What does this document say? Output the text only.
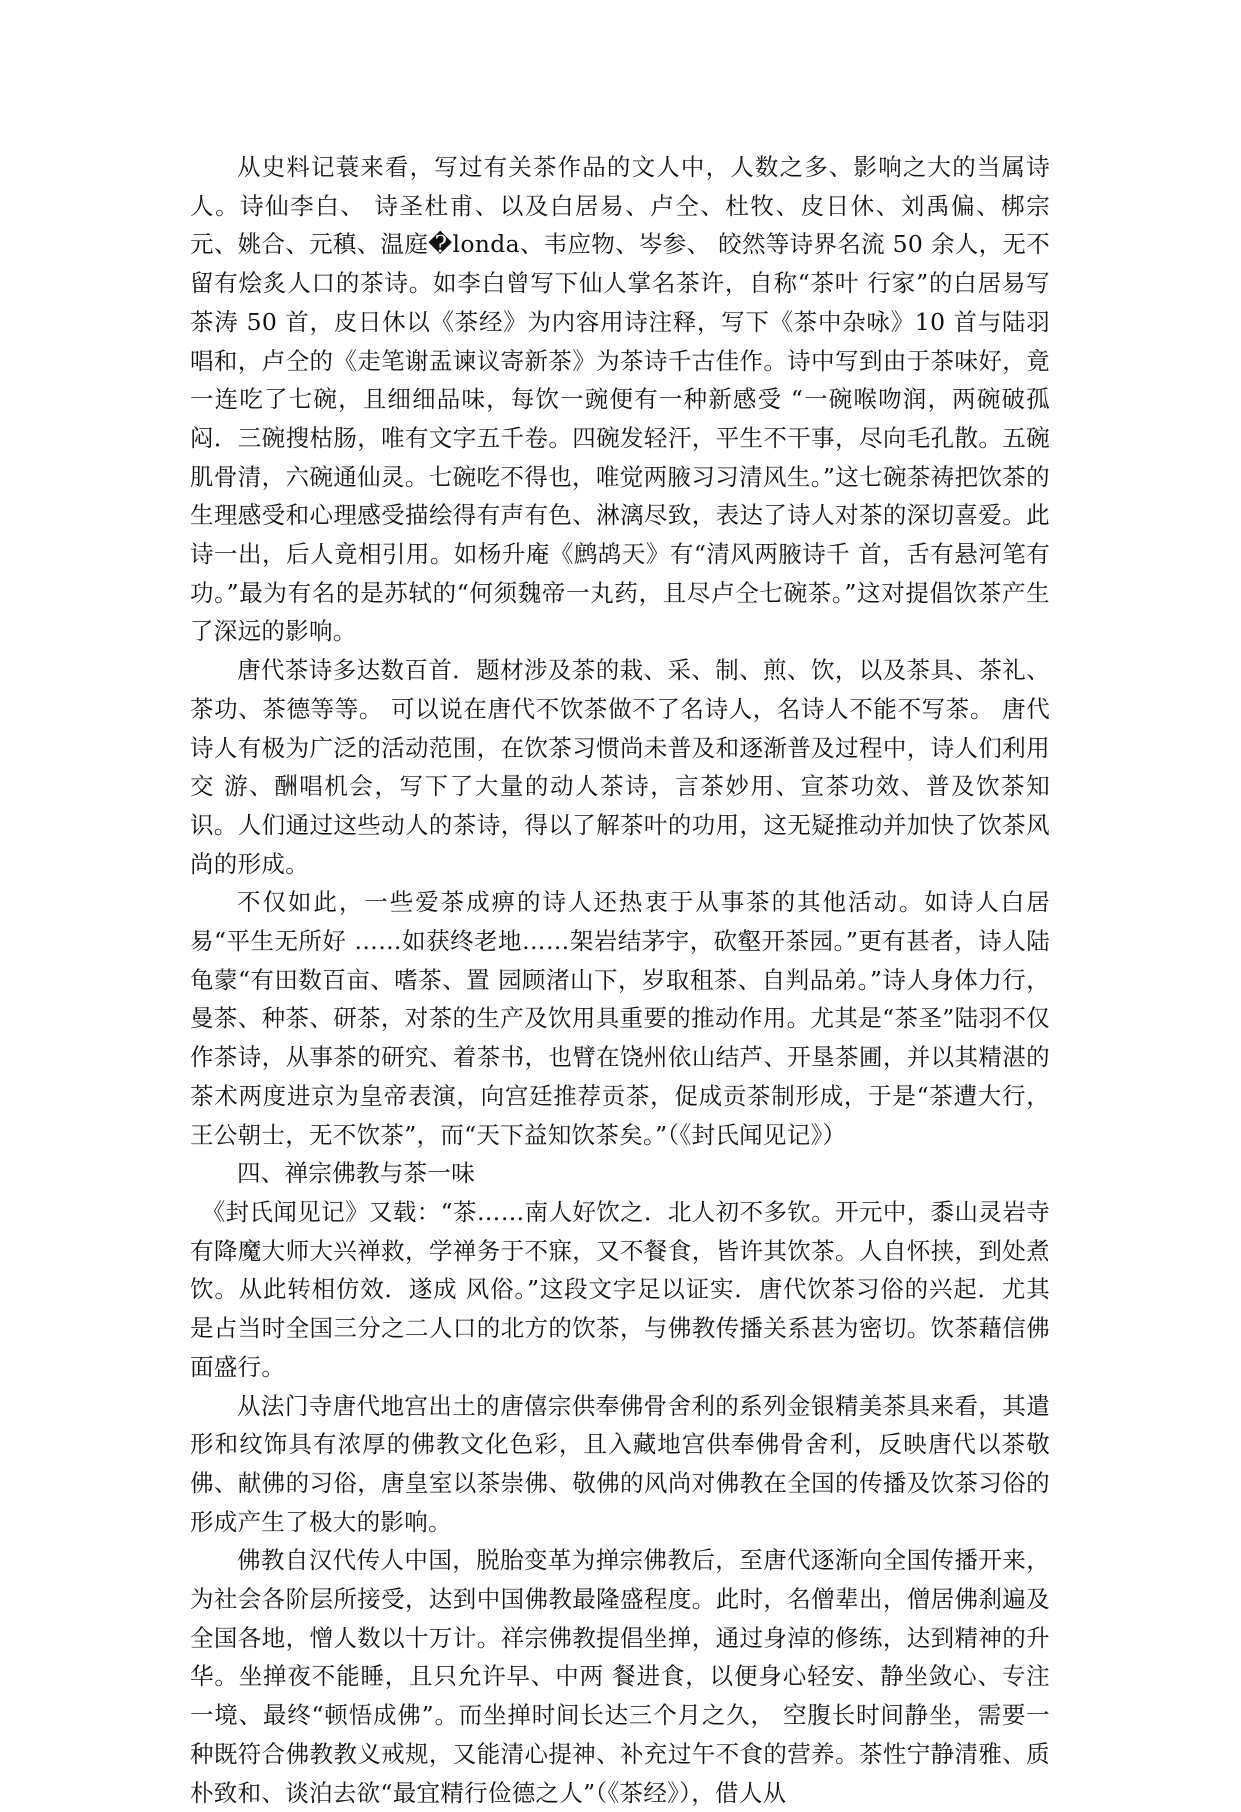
从史料记蓑来看，写过有关茶作品的文人中，人数之多、影响之大的当属诗人。诗仙李白、 诗圣杜甫、以及白居易、卢仝、杜牧、皮日休、刘禹偏、梆宗元、姚合、元稹、温庭�londa、韦应物、岑参、 皎然等诗界名流 50 余人，无不留有烩炙人口的茶诗。如李白曾写下仙人掌名茶许，自称“茶叶 行家”的白居易写茶涛 50 首，皮日休以《茶经》为内容用诗注释，写下《茶中杂咏》10 首与陆羽 唱和，卢仝的《走笔谢盂谏议寄新茶》为茶诗千古佳作。诗中写到由于茶味好，竟一连吃了七碗，且细细品味，每饮一豌便有一种新感受 “一碗喉吻润，两碗破孤闷．三碗搜枯肠，唯有文字五千卷。四碗发轻汗，平生不干事，尽向毛孔散。五碗肌骨清，六碗通仙灵。七碗吃不得也，唯觉两腋习习清风生。”这七碗茶祷把饮茶的生理感受和心理感受描绘得有声有色、淋漓尽致，表达了诗人对茶的深切喜爱。此诗一出，后人竟相引用。如杨升庵《鹧鸪天》有“清风两腋诗千 首，舌有悬河笔有功。”最为有名的是苏轼的“何须魏帝一丸药，且尽卢仝七碗茶。”这对提倡饮茶产生了深远的影响。

唐代茶诗多达数百首．题材涉及茶的栽、采、制、煎、饮，以及茶具、茶礼、茶功、茶德等等。 可以说在唐代不饮茶做不了名诗人，名诗人不能不写茶。 唐代诗人有极为广泛的活动范围，在饮茶习惯尚未普及和逐渐普及过程中，诗人们利用交 游、酬唱机会，写下了大量的动人茶诗，言茶妙用、宣茶功效、普及饮茶知识。人们通过这些动人的茶诗，得以了解茶叶的功用，这无疑推动并加快了饮茶风尚的形成。

不仅如此，一些爱茶成痹的诗人还热衷于从事茶的其他活动。如诗人白居易“平生无所好 ……如获终老地……架岩结茅宇，砍壑开茶园。”更有甚者，诗人陆龟蒙“有田数百亩、嗜茶、置 园顾渚山下，岁取租茶、自判品弟。”诗人身体力行，曼茶、种茶、研茶，对茶的生产及饮用具重要的推动作用。尤其是“茶圣”陆羽不仅作茶诗，从事茶的研究、着茶书，也臂在饶州依山结芦、开垦茶圃，并以其精湛的茶术两度进京为皇帝表演，向宫廷推荐贡茶，促成贡茶制形成，于是“茶遭大行，王公朝士，无不饮茶”，而“天下益知饮茶矣。”（《封氏闻见记》）

四、禅宗佛教与茶一味

《封氏闻见记》又载：“茶……南人好饮之．北人初不多钦。开元中，黍山灵岩寺有降魔大师大兴禅救，学禅务于不寐，又不餐食，皆许其饮茶。人自怀挟，到处煮饮。从此转相仿效．遂成 风俗。”这段文字足以证实．唐代饮茶习俗的兴起．尤其是占当时全国三分之二人口的北方的饮茶，与佛教传播关系甚为密切。饮茶藉信佛面盛行。

从法门寺唐代地宫出土的唐僖宗供奉佛骨舍利的系列金银精美茶具来看，其遣形和纹饰具有浓厚的佛教文化色彩，且入藏地宫供奉佛骨舍利，反映唐代以茶敬佛、献佛的习俗，唐皇室以茶崇佛、敬佛的风尚对佛教在全国的传播及饮茶习俗的形成产生了极大的影响。

佛教自汉代传人中国，脱胎变革为掸宗佛教后，至唐代逐渐向全国传播开来，为社会各阶层所接受，达到中国佛教最隆盛程度。此时，名僧辈出，僧居佛刹遍及全国各地，憎人数以十万计。祥宗佛教提倡坐掸，通过身淖的修练，达到精神的升华。坐掸夜不能睡，且只允许早、中两 餐进食，以便身心轻安、静坐敛心、专注一境、最终“顿悟成佛”。而坐掸时间长达三个月之久， 空腹长时间静坐，需要一种既符合佛教教义戒规，又能清心提神、补充过午不食的营养。茶性宁静清雅、质朴致和、谈泊去欲“最宜精行俭德之人”（《茶经》），借人从
